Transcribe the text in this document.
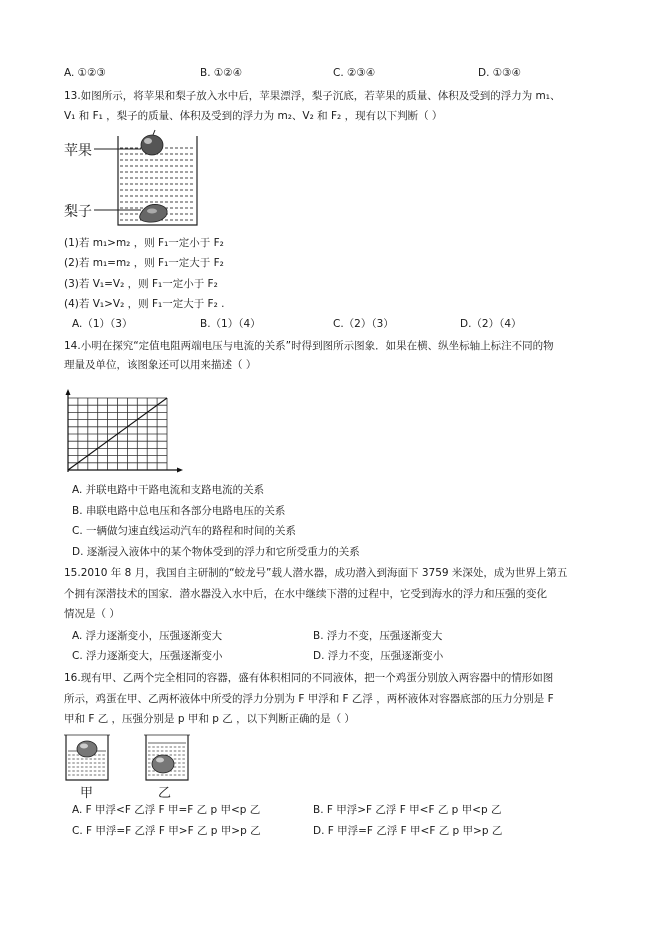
A. ①②③	B. ①②④	C. ②③④	D. ①③④
13.如图所示，将苹果和梨子放入水中后，苹果漂浮，梨子沉底，若苹果的质量、体积及受到的浮力为 m₁、
V₁ 和 F₁ ，梨子的质量、体积及受到的浮力为 m₂、V₂ 和 F₂ ，现有以下判断（ ）
苹果
梨子
(1)若 m₁>m₂ ，则 F₁一定小于 F₂
(2)若 m₁=m₂ ，则 F₁一定大于 F₂
(3)若 V₁=V₂ ，则 F₁一定小于 F₂
(4)若 V₁>V₂ ，则 F₁一定大于 F₂ .
A.（1）（3）	B.（1）（4）	C.（2）（3）	D.（2）（4）
14.小明在探究“定值电阻两端电压与电流的关系”时得到图所示图象．如果在横、纵坐标轴上标注不同的物
理量及单位，该图象还可以用来描述（ ）
A. 并联电路中干路电流和支路电流的关系
B. 串联电路中总电压和各部分电路电压的关系
C. 一辆做匀速直线运动汽车的路程和时间的关系
D. 逐渐浸入液体中的某个物体受到的浮力和它所受重力的关系
15.2010 年 8 月，我国自主研制的“蛟龙号”载人潜水器，成功潜入到海面下 3759 米深处，成为世界上第五
个拥有深潜技术的国家．潜水器没入水中后，在水中继续下潜的过程中，它受到海水的浮力和压强的变化
情况是（ ）
A. 浮力逐渐变小，压强逐渐变大	B. 浮力不变，压强逐渐变大
C. 浮力逐渐变大，压强逐渐变小	D. 浮力不变，压强逐渐变小
16.现有甲、乙两个完全相同的容器，盛有体积相同的不同液体，把一个鸡蛋分别放入两容器中的情形如图
所示，鸡蛋在甲、乙两杯液体中所受的浮力分别为 F 甲浮和 F 乙浮 ，两杯液体对容器底部的压力分别是 F
甲和 F 乙 ，压强分别是 p 甲和 p 乙 ，以下判断正确的是（ ）
甲	乙
A. F 甲浮<F 乙浮 F 甲=F 乙 p 甲<p 乙	B. F 甲浮>F 乙浮 F 甲<F 乙 p 甲<p 乙
C. F 甲浮=F 乙浮 F 甲>F 乙 p 甲>p 乙	D. F 甲浮=F 乙浮 F 甲<F 乙 p 甲>p 乙
